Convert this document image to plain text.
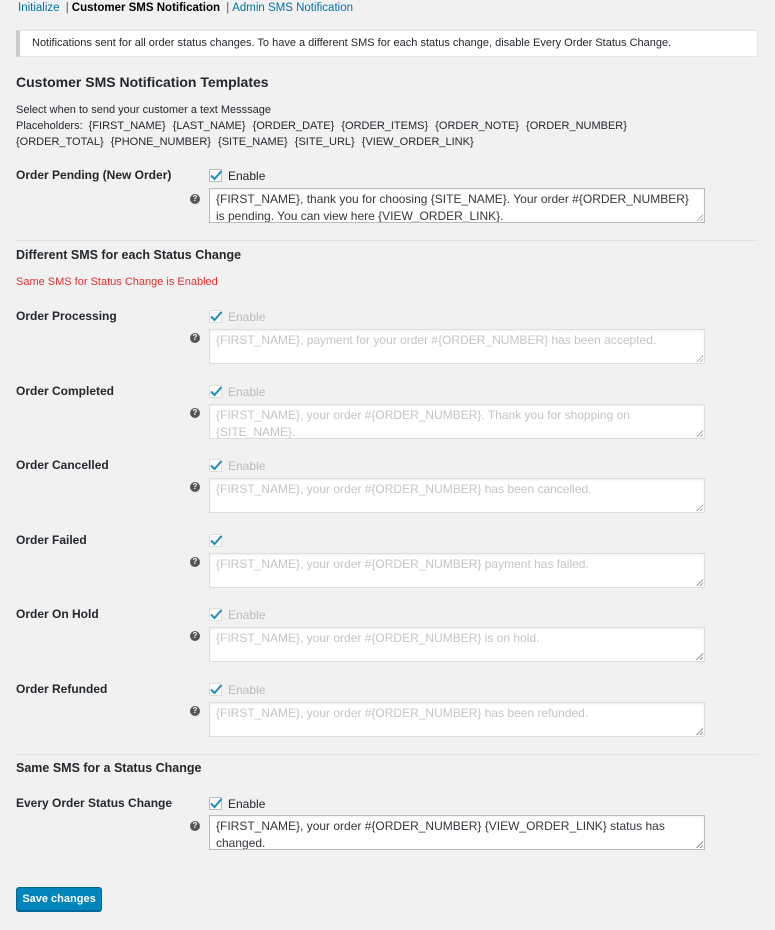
Initialize | Customer SMS Notification | Admin SMS Notification
Notifications sent for all order status changes. To have a different SMS for each status change, disable Every Order Status Change.
Customer SMS Notification Templates
Select when to send your customer a text Messsage
Placeholders: {FIRST_NAME} {LAST_NAME} {ORDER_DATE} {ORDER_ITEMS} {ORDER_NOTE} {ORDER_NUMBER} {ORDER_TOTAL} {PHONE_NUMBER} {SITE_NAME} {SITE_URL} {VIEW_ORDER_LINK}
Order Pending (New Order)	Enable
?	{FIRST_NAME}, thank you for choosing {SITE_NAME}. Your order #{ORDER_NUMBER} is pending. You can view here {VIEW_ORDER_LINK}.
Different SMS for each Status Change
Same SMS for Status Change is Enabled
Order Processing	Enable
?	{FIRST_NAME}, payment for your order #{ORDER_NUMBER} has been accepted.
Order Completed	Enable
?	{FIRST_NAME}, your order #{ORDER_NUMBER}. Thank you for shopping on {SITE_NAME}.
Order Cancelled	Enable
?	{FIRST_NAME}, your order #{ORDER_NUMBER} has been cancelled.
Order Failed
?	{FIRST_NAME}, your order #{ORDER_NUMBER} payment has failed.
Order On Hold	Enable
?	{FIRST_NAME}, your order #{ORDER_NUMBER} is on hold.
Order Refunded	Enable
?	{FIRST_NAME}, your order #{ORDER_NUMBER} has been refunded.
Same SMS for a Status Change
Every Order Status Change	Enable
?	{FIRST_NAME}, your order #{ORDER_NUMBER} {VIEW_ORDER_LINK} status has changed.
Save changes
